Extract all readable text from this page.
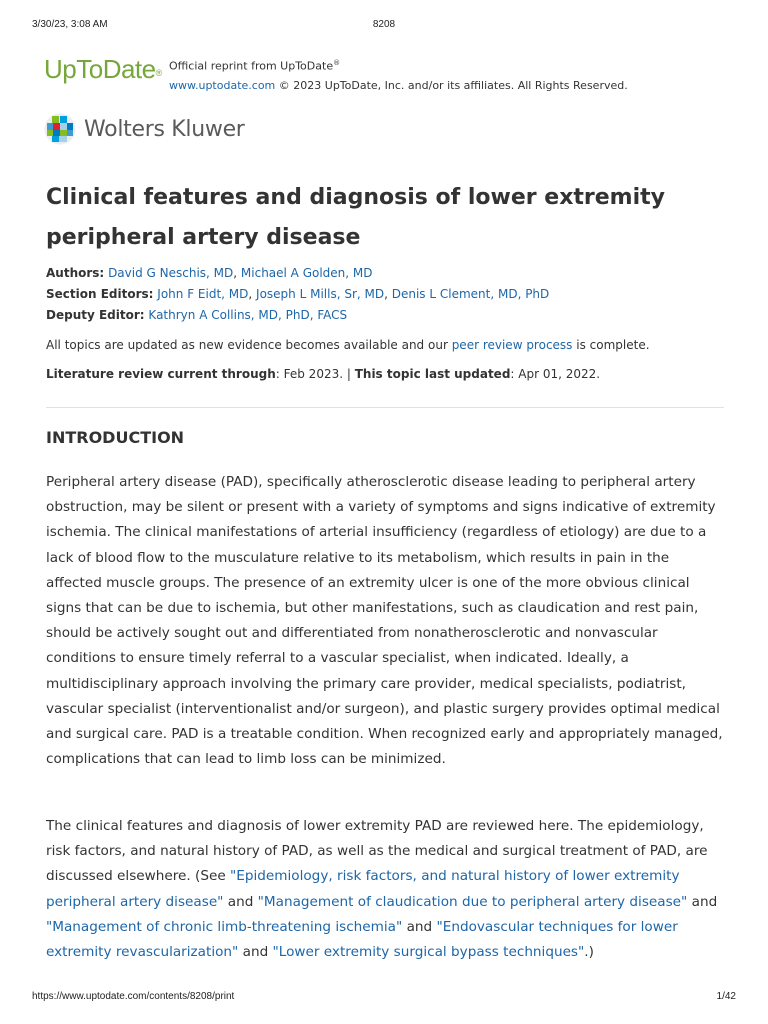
3/30/23, 3:08 AM	8208
UpToDate®
Official reprint from UpToDate®
www.uptodate.com © 2023 UpToDate, Inc. and/or its affiliates. All Rights Reserved.
Wolters Kluwer
Clinical features and diagnosis of lower extremity peripheral artery disease
Authors: David G Neschis, MD, Michael A Golden, MD
Section Editors: John F Eidt, MD, Joseph L Mills, Sr, MD, Denis L Clement, MD, PhD
Deputy Editor: Kathryn A Collins, MD, PhD, FACS
All topics are updated as new evidence becomes available and our peer review process is complete.
Literature review current through: Feb 2023. | This topic last updated: Apr 01, 2022.
INTRODUCTION

Peripheral artery disease (PAD), specifically atherosclerotic disease leading to peripheral artery obstruction, may be silent or present with a variety of symptoms and signs indicative of extremity ischemia. The clinical manifestations of arterial insufficiency (regardless of etiology) are due to a lack of blood flow to the musculature relative to its metabolism, which results in pain in the affected muscle groups. The presence of an extremity ulcer is one of the more obvious clinical signs that can be due to ischemia, but other manifestations, such as claudication and rest pain, should be actively sought out and differentiated from nonatherosclerotic and nonvascular conditions to ensure timely referral to a vascular specialist, when indicated. Ideally, a multidisciplinary approach involving the primary care provider, medical specialists, podiatrist, vascular specialist (interventionalist and/or surgeon), and plastic surgery provides optimal medical and surgical care. PAD is a treatable condition. When recognized early and appropriately managed, complications that can lead to limb loss can be minimized.

The clinical features and diagnosis of lower extremity PAD are reviewed here. The epidemiology, risk factors, and natural history of PAD, as well as the medical and surgical treatment of PAD, are discussed elsewhere. (See "Epidemiology, risk factors, and natural history of lower extremity peripheral artery disease" and "Management of claudication due to peripheral artery disease" and "Management of chronic limb-threatening ischemia" and "Endovascular techniques for lower extremity revascularization" and "Lower extremity surgical bypass techniques".)

https://www.uptodate.com/contents/8208/print	1/42
